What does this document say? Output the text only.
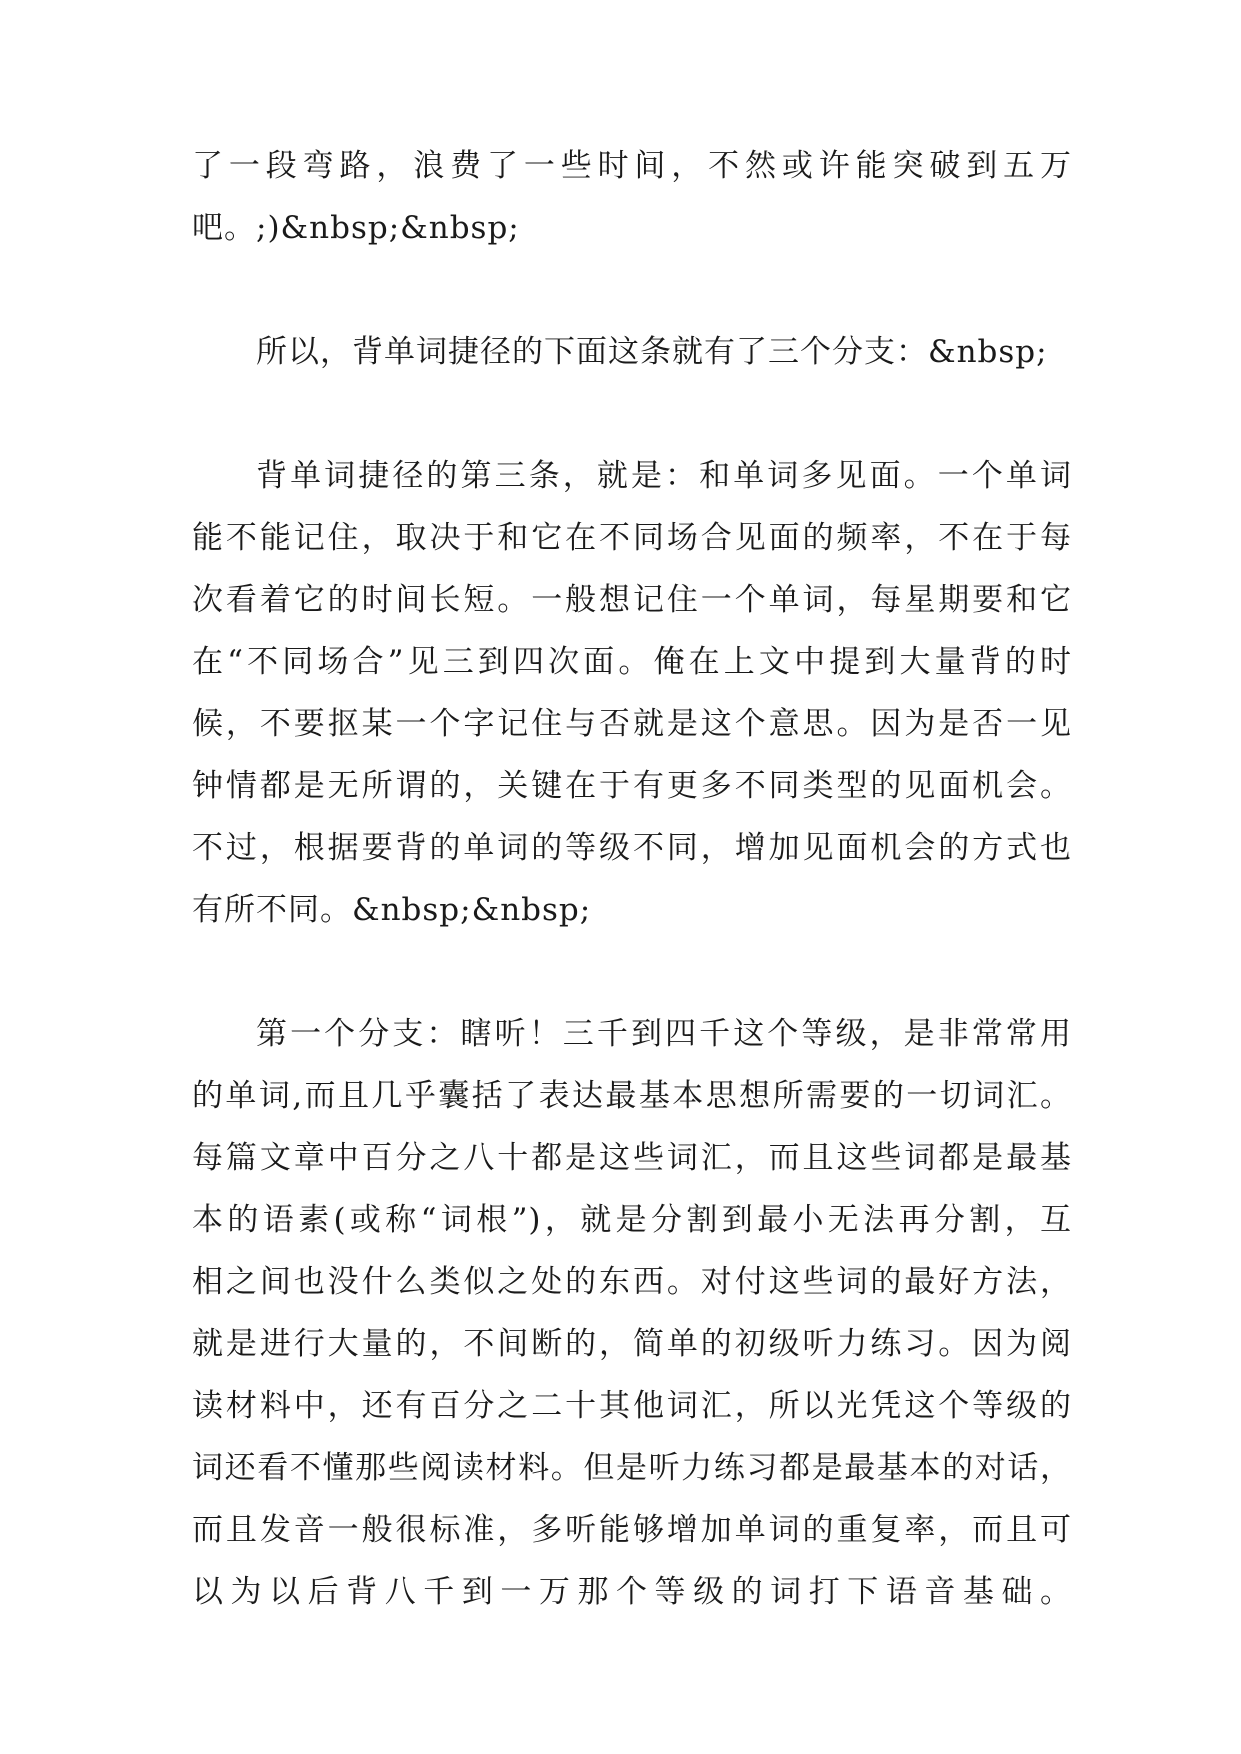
了一段弯路，浪费了一些时间，不然或许能突破到五万
吧。;)&nbsp;&nbsp;
所以，背单词捷径的下面这条就有了三个分支：&nbsp;
背单词捷径的第三条，就是：和单词多见面。一个单词
能不能记住，取决于和它在不同场合见面的频率，不在于每
次看着它的时间长短。一般想记住一个单词，每星期要和它
在“不同场合”见三到四次面。俺在上文中提到大量背的时
候，不要抠某一个字记住与否就是这个意思。因为是否一见
钟情都是无所谓的，关键在于有更多不同类型的见面机会。
不过，根据要背的单词的等级不同，增加见面机会的方式也
有所不同。&nbsp;&nbsp;
第一个分支：瞎听！三千到四千这个等级，是非常常用
的单词,而且几乎囊括了表达最基本思想所需要的一切词汇。
每篇文章中百分之八十都是这些词汇，而且这些词都是最基
本的语素(或称“词根”)，就是分割到最小无法再分割，互
相之间也没什么类似之处的东西。对付这些词的最好方法，
就是进行大量的，不间断的，简单的初级听力练习。因为阅
读材料中，还有百分之二十其他词汇，所以光凭这个等级的
词还看不懂那些阅读材料。但是听力练习都是最基本的对话，
而且发音一般很标准，多听能够增加单词的重复率，而且可
以为以后背八千到一万那个等级的词打下语音基础。
